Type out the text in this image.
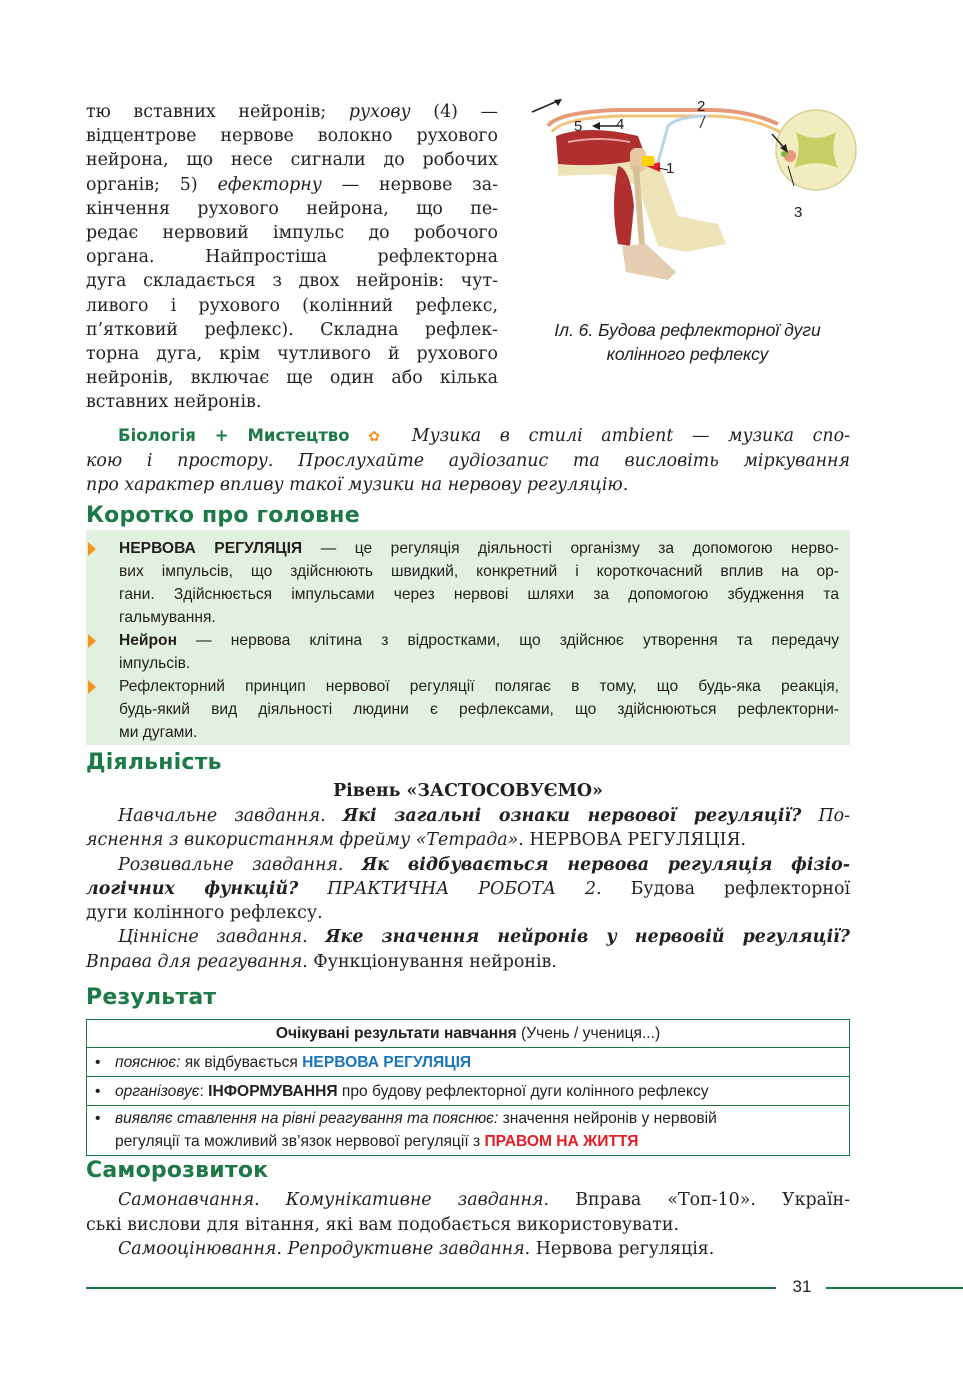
тю вставних нейронів; рухову (4) —
відцентрове нервове волокно рухового
нейрона, що несе сигнали до робочих
органів; 5) ефекторну — нервове за-
кінчення рухового нейрона, що пе-
редає нервовий імпульс до робочого
органа. Найпростіша рефлекторна
дуга складається з двох нейронів: чут-
ливого і рухового (колінний рефлекс,
п’ятковий рефлекс). Складна рефлек-
торна дуга, крім чутливого й рухового
нейронів, включає ще один або кілька
вставних нейронів.
1
2
3
4
5
Іл. 6. Будова рефлекторної дуги
колінного рефлексу
Біологія + Мистецтво ✿ Музика в стилі ambient — музика спо-
кою і простору. Прослухайте аудіозапис та висловіть міркування
про характер впливу такої музики на нервову регуляцію.
Коротко про головне
НЕРВОВА РЕГУЛЯЦІЯ — це регуляція діяльності організму за допомогою нерво-
вих імпульсів, що здійснюють швидкий, конкретний і короткочасний вплив на ор-
гани. Здійснюється імпульсами через нервові шляхи за допомогою збудження та
гальмування.
Нейрон — нервова клітина з відростками, що здійснює утворення та передачу
імпульсів.
Рефлекторний принцип нервової регуляції полягає в тому, що будь-яка реакція,
будь-який вид діяльності людини є рефлексами, що здійснюються рефлекторни-
ми дугами.
Діяльність
Рівень «ЗАСТОСОВУЄМО»
Навчальне завдання. Які загальні ознаки нервової регуляції? По-
яснення з використанням фрейму «Тетрада». НЕРВОВА РЕГУЛЯЦІЯ.
Розвивальне завдання. Як відбувається нервова регуляція фізіо-
логічних функцій? ПРАКТИЧНА РОБОТА 2. Будова рефлекторної
дуги колінного рефлексу.
Ціннісне завдання. Яке значення нейронів у нервовій регуляції?
Вправа для реагування. Функціонування нейронів.
Результат
Очікувані результати навчання (Учень / учениця...)
• пояснює: як відбувається НЕРВОВА РЕГУЛЯЦІЯ
• організовує: ІНФОРМУВАННЯ про будову рефлекторної дуги колінного рефлексу
• виявляє ставлення на рівні реагування та пояснює: значення нейронів у нервовій
регуляції та можливий зв’язок нервової регуляції з ПРАВОМ НА ЖИТТЯ
Саморозвиток
Самонавчання. Комунікативне завдання. Вправа «Топ-10». Україн-
ські вислови для вітання, які вам подобається використовувати.
Самооцінювання. Репродуктивне завдання. Нервова регуляція.
31
